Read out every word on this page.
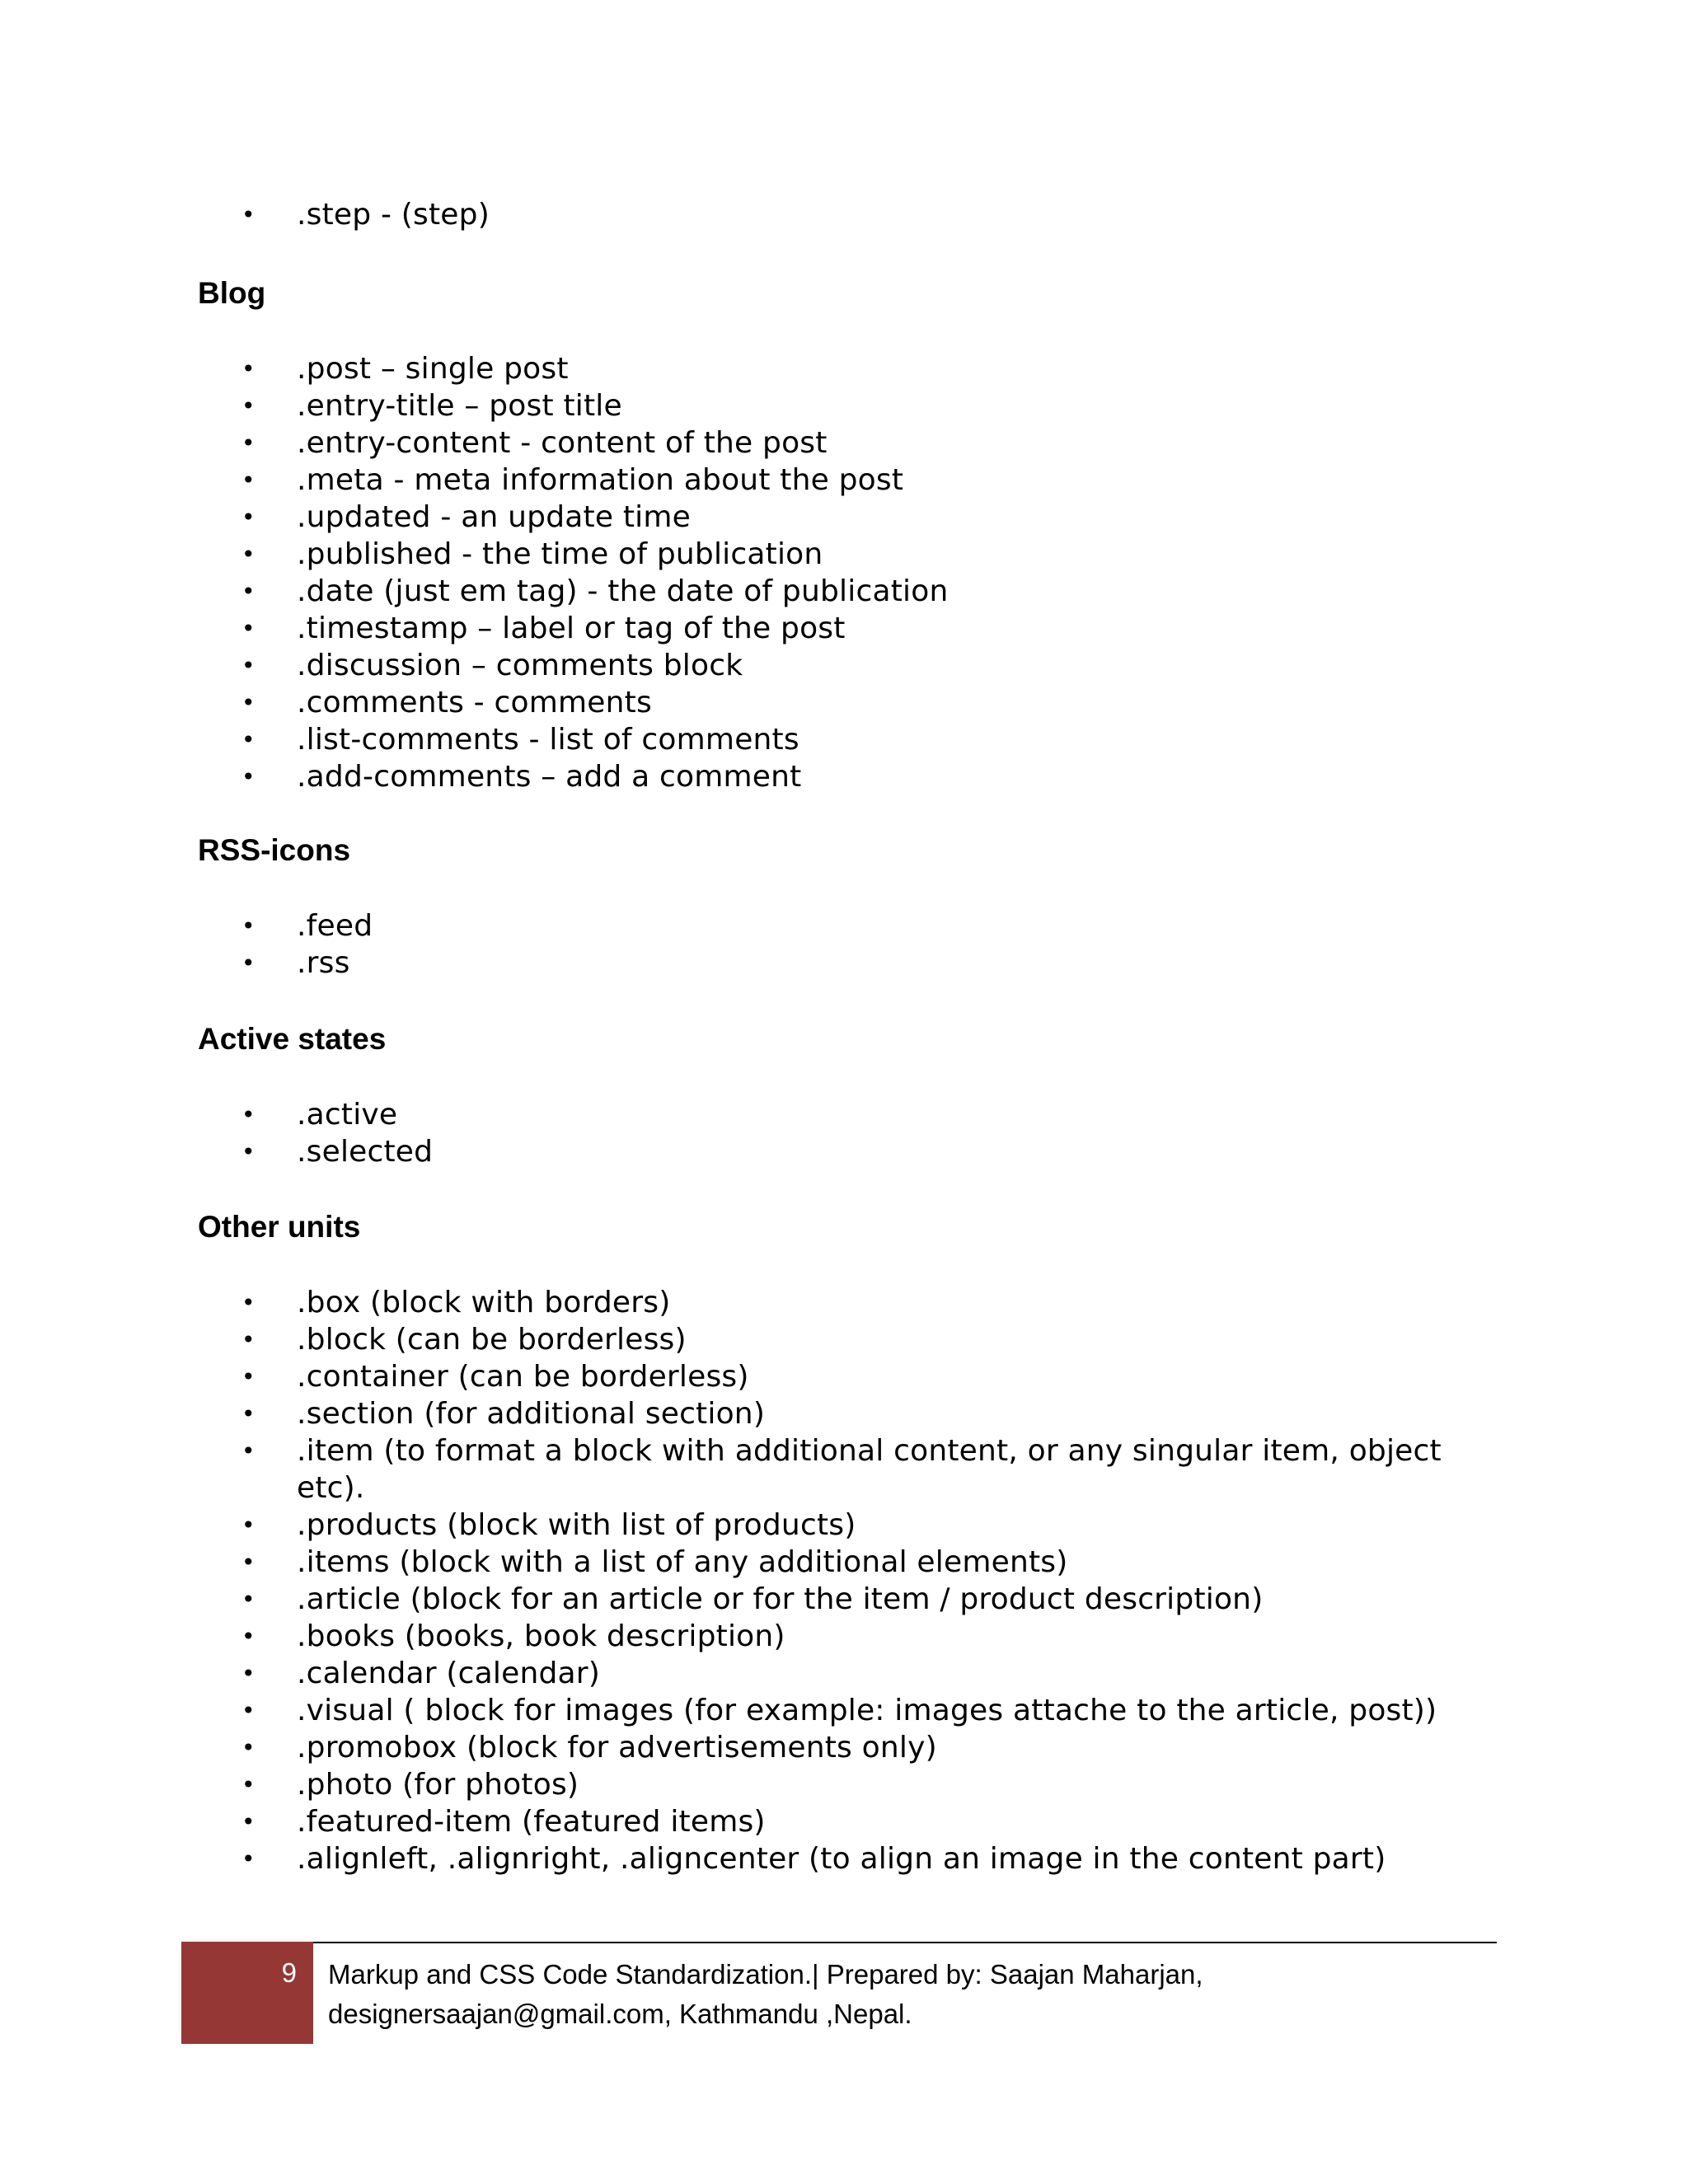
• .step - (step)
Blog
• .post – single post
• .entry-title – post title
• .entry-content - content of the post
• .meta - meta information about the post
• .updated - an update time
• .published - the time of publication
• .date (just em tag) - the date of publication
• .timestamp – label or tag of the post
• .discussion – comments block
• .comments - comments
• .list-comments - list of comments
• .add-comments – add a comment
RSS-icons
• .feed
• .rss
Active states
• .active
• .selected
Other units
• .box (block with borders)
• .block (can be borderless)
• .container (can be borderless)
• .section (for additional section)
• .item (to format a block with additional content, or any singular item, object etc).
• .products (block with list of products)
• .items (block with a list of any additional elements)
• .article (block for an article or for the item / product description)
• .books (books, book description)
• .calendar (calendar)
• .visual ( block for images (for example: images attache to the article, post))
• .promobox (block for advertisements only)
• .photo (for photos)
• .featured-item (featured items)
• .alignleft, .alignright, .aligncenter (to align an image in the content part)
9 Markup and CSS Code Standardization.| Prepared by: Saajan Maharjan,
designersaajan@gmail.com, Kathmandu ,Nepal.
